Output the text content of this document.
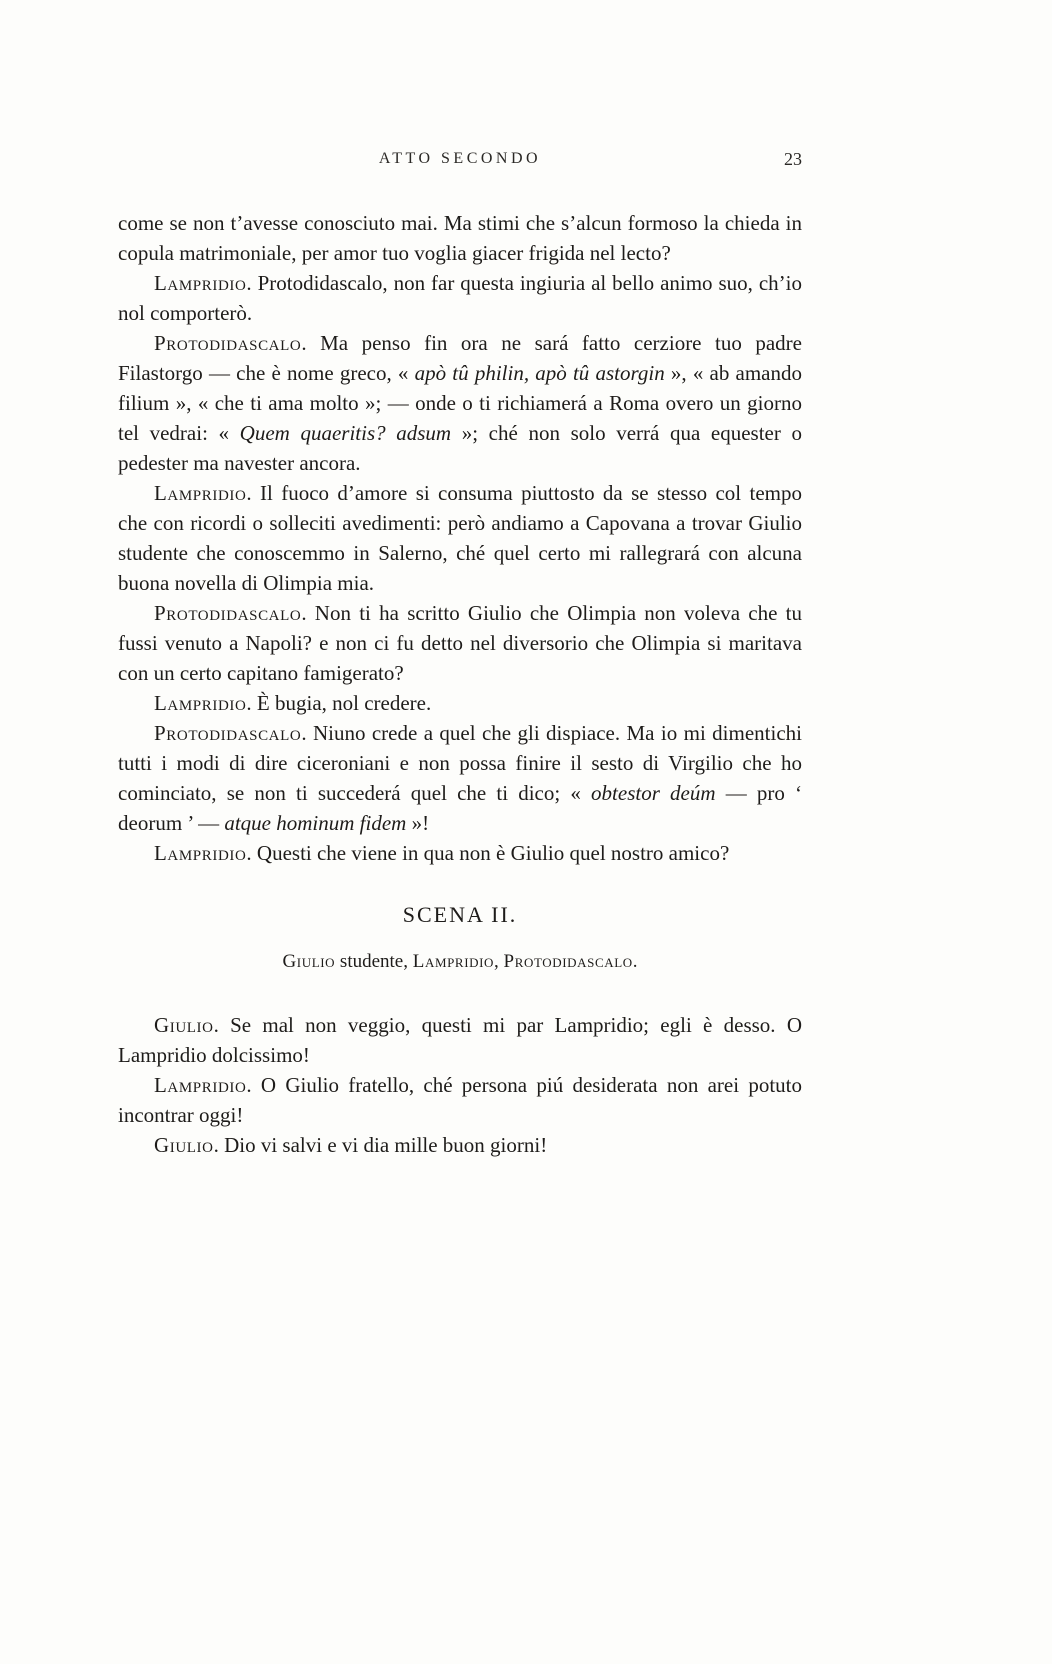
ATTO SECONDO	23

come se non t’avesse conosciuto mai. Ma stimi che s’alcun formoso la chieda in copula matrimoniale, per amor tuo voglia giacer frigida nel lecto?

Lampridio. Protodidascalo, non far questa ingiuria al bello animo suo, ch’io nol comporterò.

Protodidascalo. Ma penso fin ora ne sará fatto cerziore tuo padre Filastorgo — che è nome greco, « apò tû philin, apò tû astorgin », « ab amando filium », « che ti ama molto »; — onde o ti richiamerá a Roma overo un giorno tel vedrai: « Quem quaeritis? adsum »; ché non solo verrá qua equester o pedester ma navester ancora.

Lampridio. Il fuoco d’amore si consuma piuttosto da se stesso col tempo che con ricordi o solleciti avedimenti: però andiamo a Capovana a trovar Giulio studente che conoscemmo in Salerno, ché quel certo mi rallegrará con alcuna buona novella di Olimpia mia.

Protodidascalo. Non ti ha scritto Giulio che Olimpia non voleva che tu fussi venuto a Napoli? e non ci fu detto nel diversorio che Olimpia si maritava con un certo capitano famigerato?

Lampridio. È bugia, nol credere.

Protodidascalo. Niuno crede a quel che gli dispiace. Ma io mi dimentichi tutti i modi di dire ciceroniani e non possa finire il sesto di Virgilio che ho cominciato, se non ti succederá quel che ti dico; « obtestor deúm — pro ‘ deorum ’ — atque hominum fidem »!

Lampridio. Questi che viene in qua non è Giulio quel nostro amico?

SCENA II.

Giulio studente, Lampridio, Protodidascalo.

Giulio. Se mal non veggio, questi mi par Lampridio; egli è desso. O Lampridio dolcissimo!

Lampridio. O Giulio fratello, ché persona piú desiderata non arei potuto incontrar oggi!

Giulio. Dio vi salvi e vi dia mille buon giorni!
